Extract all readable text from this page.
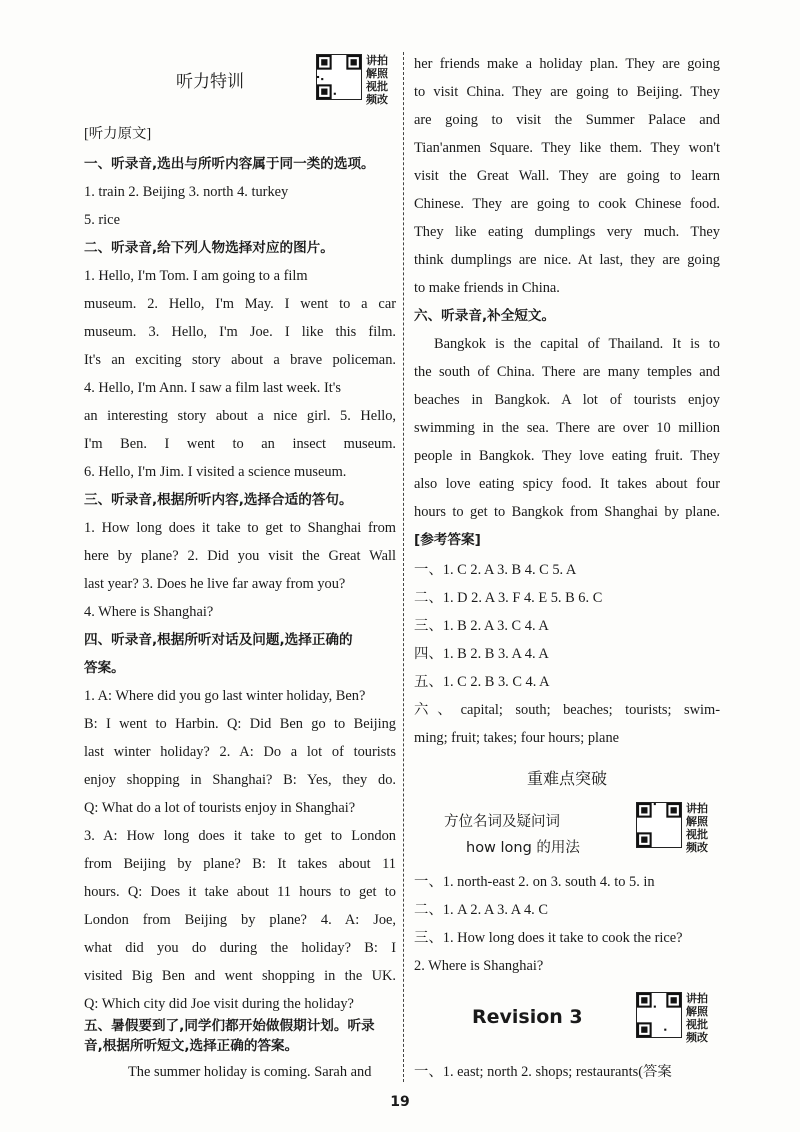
听力特训
讲拍
解照
视批
频改
[听力原文]
一、听录音,选出与所听内容属于同一类的选项。
1. train 2. Beijing 3. north 4. turkey
5. rice
二、听录音,给下列人物选择对应的图片。
1. Hello, I'm Tom. I am going to a film
museum. 2. Hello, I'm May. I went to a car
museum. 3. Hello, I'm Joe. I like this film.
It's an exciting story about a brave policeman.
4. Hello, I'm Ann. I saw a film last week. It's
an interesting story about a nice girl. 5. Hello,
I'm Ben. I went to an insect museum.
6. Hello, I'm Jim. I visited a science museum.
三、听录音,根据所听内容,选择合适的答句。
1. How long does it take to get to Shanghai from
here by plane? 2. Did you visit the Great Wall
last year? 3. Does he live far away from you?
4. Where is Shanghai?
四、听录音,根据所听对话及问题,选择正确的
答案。
1. A: Where did you go last winter holiday, Ben?
B: I went to Harbin. Q: Did Ben go to Beijing
last winter holiday? 2. A: Do a lot of tourists
enjoy shopping in Shanghai? B: Yes, they do.
Q: What do a lot of tourists enjoy in Shanghai?
3. A: How long does it take to get to London
from Beijing by plane? B: It takes about 11
hours. Q: Does it take about 11 hours to get to
London from Beijing by plane? 4. A: Joe,
what did you do during the holiday? B: I
visited Big Ben and went shopping in the UK.
Q: Which city did Joe visit during the holiday?
五、暑假要到了,同学们都开始做假期计划。听录
音,根据所听短文,选择正确的答案。
The summer holiday is coming. Sarah and
重难点突破
方位名词及疑问词
how long 的用法
讲拍
解照
视批
频改
Revision 3
讲拍
解照
视批
频改
her friends make a holiday plan. They are going
to visit China. They are going to Beijing. They
are going to visit the Summer Palace and
Tian'anmen Square. They like them. They won't
visit the Great Wall. They are going to learn
Chinese. They are going to cook Chinese food.
They like eating dumplings very much. They
think dumplings are nice. At last, they are going
to make friends in China.
六、听录音,补全短文。
Bangkok is the capital of Thailand. It is to
the south of China. There are many temples and
beaches in Bangkok. A lot of tourists enjoy
swimming in the sea. There are over 10 million
people in Bangkok. They love eating fruit. They
also love eating spicy food. It takes about four
hours to get to Bangkok from Shanghai by plane.
[参考答案]
一、1. C 2. A 3. B 4. C 5. A
二、1. D 2. A 3. F 4. E 5. B 6. C
三、1. B 2. A 3. C 4. A
四、1. B 2. B 3. A 4. A
五、1. C 2. B 3. C 4. A
六、capital; south; beaches; tourists; swim-
ming; fruit; takes; four hours; plane
一、1. north-east 2. on 3. south 4. to 5. in
二、1. A 2. A 3. A 4. C
三、1. How long does it take to cook the rice?
2. Where is Shanghai?
一、1. east; north 2. shops; restaurants(答案
19
